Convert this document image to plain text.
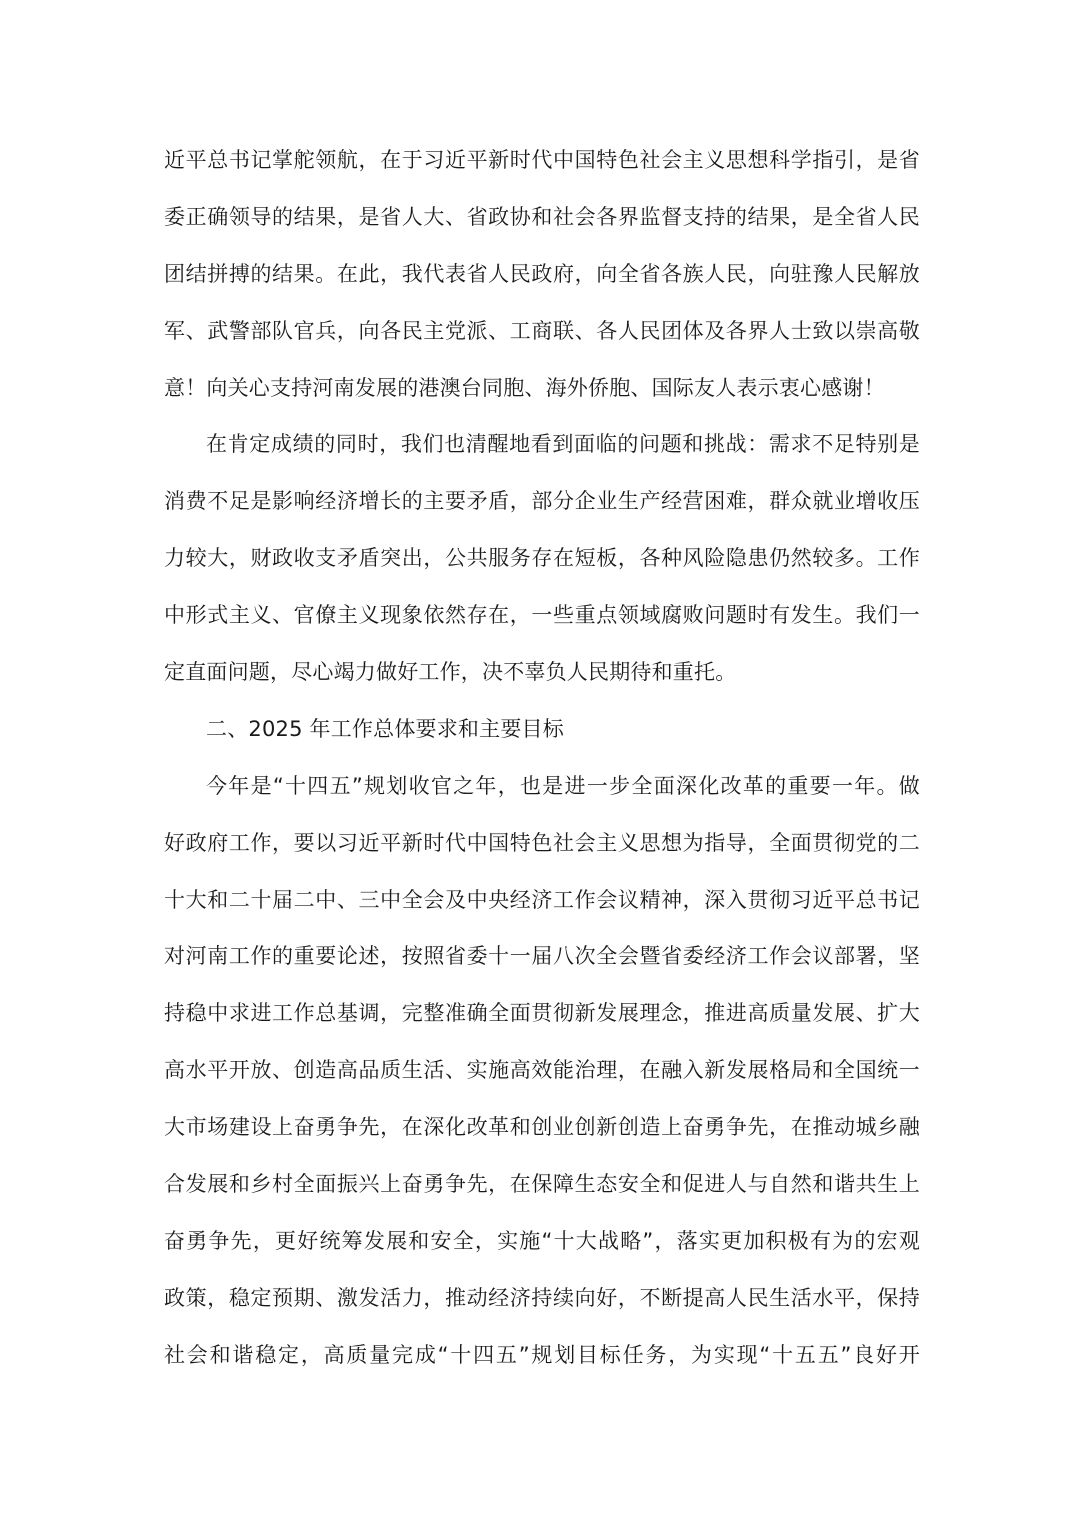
近平总书记掌舵领航，在于习近平新时代中国特色社会主义思想科学指引，是省
委正确领导的结果，是省人大、省政协和社会各界监督支持的结果，是全省人民
团结拼搏的结果。在此，我代表省人民政府，向全省各族人民，向驻豫人民解放
军、武警部队官兵，向各民主党派、工商联、各人民团体及各界人士致以崇高敬
意！向关心支持河南发展的港澳台同胞、海外侨胞、国际友人表示衷心感谢！
在肯定成绩的同时，我们也清醒地看到面临的问题和挑战：需求不足特别是
消费不足是影响经济增长的主要矛盾，部分企业生产经营困难，群众就业增收压
力较大，财政收支矛盾突出，公共服务存在短板，各种风险隐患仍然较多。工作
中形式主义、官僚主义现象依然存在，一些重点领域腐败问题时有发生。我们一
定直面问题，尽心竭力做好工作，决不辜负人民期待和重托。
二、2025 年工作总体要求和主要目标
今年是“十四五”规划收官之年，也是进一步全面深化改革的重要一年。做
好政府工作，要以习近平新时代中国特色社会主义思想为指导，全面贯彻党的二
十大和二十届二中、三中全会及中央经济工作会议精神，深入贯彻习近平总书记
对河南工作的重要论述，按照省委十一届八次全会暨省委经济工作会议部署，坚
持稳中求进工作总基调，完整准确全面贯彻新发展理念，推进高质量发展、扩大
高水平开放、创造高品质生活、实施高效能治理，在融入新发展格局和全国统一
大市场建设上奋勇争先，在深化改革和创业创新创造上奋勇争先，在推动城乡融
合发展和乡村全面振兴上奋勇争先，在保障生态安全和促进人与自然和谐共生上
奋勇争先，更好统筹发展和安全，实施“十大战略”，落实更加积极有为的宏观
政策，稳定预期、激发活力，推动经济持续向好，不断提高人民生活水平，保持
社会和谐稳定，高质量完成“十四五”规划目标任务，为实现“十五五”良好开
